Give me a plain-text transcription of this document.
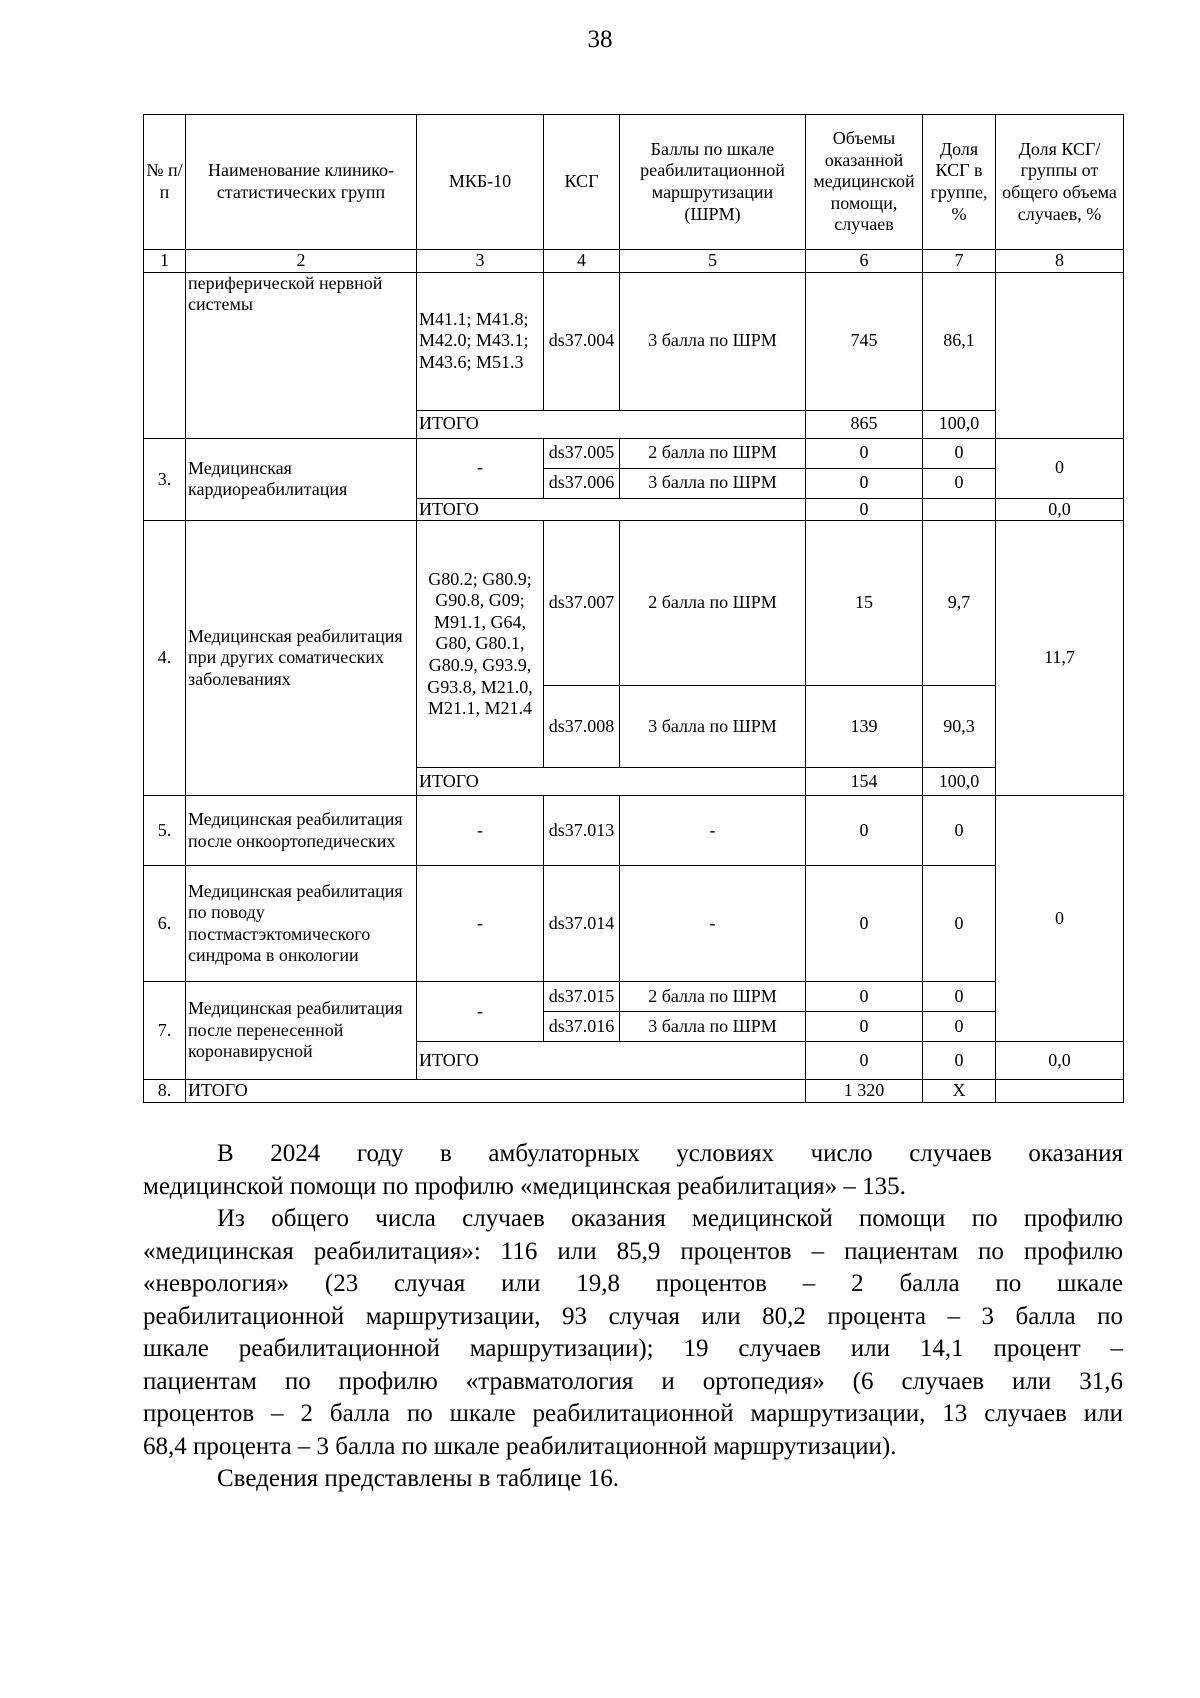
38
№ п/п	Наименование клинико-статистических групп	МКБ-10	КСГ	Баллы по шкале реабилитационной маршрутизации (ШРМ)	Объемы оказанной медицинской помощи, случаев	Доля КСГ в группе, %	Доля КСГ/группы от общего объема случаев, %
1	2	3	4	5	6	7	8
	периферической нервной системы	M41.1; M41.8; M42.0; M43.1; M43.6; M51.3	ds37.004	3 балла по ШРМ	745	86,1	
		ИТОГО			865	100,0	
3.	Медицинская кардиореабилитация	-	ds37.005	2 балла по ШРМ	0	0	0
			ds37.006	3 балла по ШРМ	0	0	
		ИТОГО			0		0,0
4.	Медицинская реабилитация при других соматических заболеваниях	G80.2; G80.9; G90.8, G09; M91.1, G64, G80, G80.1, G80.9, G93.9, G93.8, M21.0, M21.1, M21.4	ds37.007	2 балла по ШРМ	15	9,7	11,7
			ds37.008	3 балла по ШРМ	139	90,3	
		ИТОГО			154	100,0	
5.	Медицинская реабилитация после онкоортопедических	-	ds37.013	-	0	0	0
6.	Медицинская реабилитация по поводу постмастэктомического синдрома в онкологии	-	ds37.014	-	0	0	
7.	Медицинская реабилитация после перенесенной коронавирусной	-	ds37.015	2 балла по ШРМ	0	0	
			ds37.016	3 балла по ШРМ	0	0	
		ИТОГО			0	0	0,0
8.	ИТОГО				1 320	Х	
В 2024 году в амбулаторных условиях число случаев оказания
медицинской помощи по профилю «медицинская реабилитация» – 135.
Из общего числа случаев оказания медицинской помощи по профилю
«медицинская реабилитация»: 116 или 85,9 процентов – пациентам по профилю
«неврология» (23 случая или 19,8 процентов – 2 балла по шкале
реабилитационной маршрутизации, 93 случая или 80,2 процента – 3 балла по
шкале реабилитационной маршрутизации); 19 случаев или 14,1 процент –
пациентам по профилю «травматология и ортопедия» (6 случаев или 31,6
процентов – 2 балла по шкале реабилитационной маршрутизации, 13 случаев или
68,4 процента – 3 балла по шкале реабилитационной маршрутизации).
Сведения представлены в таблице 16.
